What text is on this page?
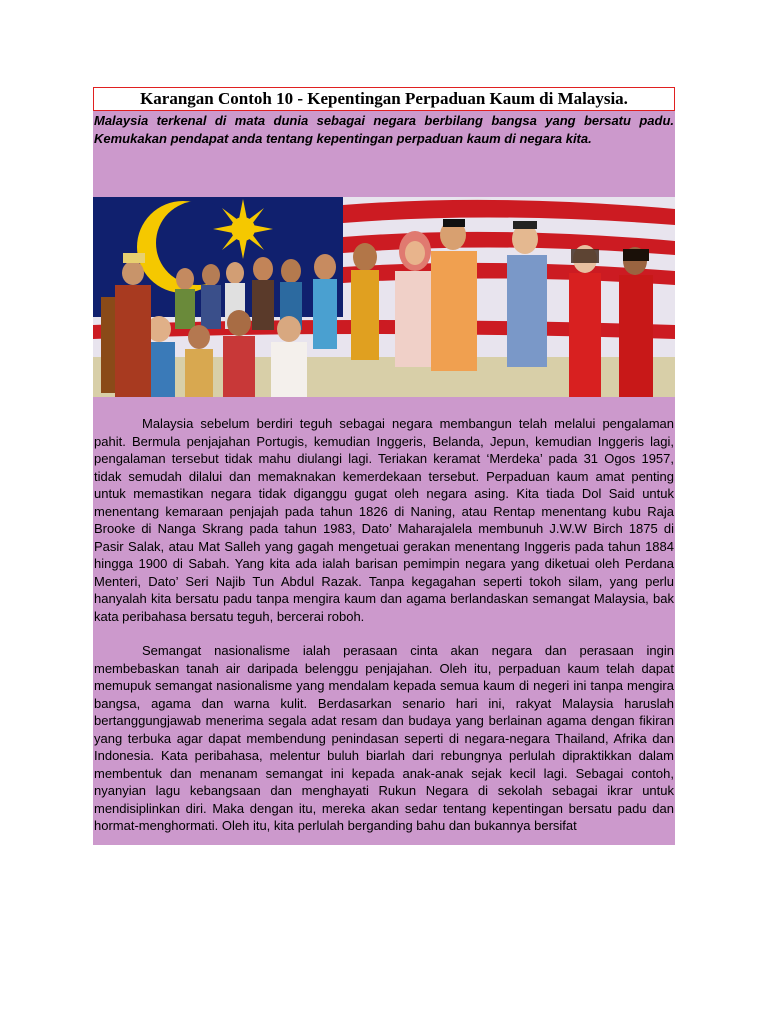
Karangan Contoh 10 - Kepentingan Perpaduan Kaum di Malaysia.
Malaysia terkenal di mata dunia sebagai negara berbilang bangsa yang bersatu padu. Kemukakan pendapat anda tentang kepentingan perpaduan kaum di negara kita.

Malaysia sebelum berdiri teguh sebagai negara membangun telah melalui pengalaman pahit. Bermula penjajahan Portugis, kemudian Inggeris, Belanda, Jepun, kemudian Inggeris lagi, pengalaman tersebut tidak mahu diulangi lagi. Teriakan keramat ‘Merdeka’ pada 31 Ogos 1957, tidak semudah dilalui dan memaknakan kemerdekaan tersebut. Perpaduan kaum amat penting untuk memastikan negara tidak diganggu gugat oleh negara asing. Kita tiada Dol Said untuk menentang kemaraan penjajah pada tahun 1826 di Naning, atau Rentap menentang kubu Raja Brooke di Nanga Skrang pada tahun 1983, Dato’ Maharajalela membunuh J.W.W Birch 1875 di Pasir Salak, atau Mat Salleh yang gagah mengetuai gerakan menentang Inggeris pada tahun 1884 hingga 1900 di Sabah. Yang kita ada ialah barisan pemimpin negara yang diketuai oleh Perdana Menteri, Dato’ Seri Najib Tun Abdul Razak. Tanpa kegagahan seperti tokoh silam, yang perlu hanyalah kita bersatu padu tanpa mengira kaum dan agama berlandaskan semangat Malaysia, bak kata peribahasa bersatu teguh, bercerai roboh.

Semangat nasionalisme ialah perasaan cinta akan negara dan perasaan ingin membebaskan tanah air daripada belenggu penjajahan. Oleh itu, perpaduan kaum telah dapat memupuk semangat nasionalisme yang mendalam kepada semua kaum di negeri ini tanpa mengira bangsa, agama dan warna kulit. Berdasarkan senario hari ini, rakyat Malaysia haruslah bertanggungjawab menerima segala adat resam dan budaya yang berlainan agama dengan fikiran yang terbuka agar dapat membendung penindasan seperti di negara-negara Thailand, Afrika dan Indonesia. Kata peribahasa, melentur buluh biarlah dari rebungnya perlulah dipraktikkan dalam membentuk dan menanam semangat ini kepada anak-anak sejak kecil lagi. Sebagai contoh, nyanyian lagu kebangsaan dan menghayati Rukun Negara di sekolah sebagai ikrar untuk mendisiplinkan diri. Maka dengan itu, mereka akan sedar tentang kepentingan bersatu padu dan hormat-menghormati. Oleh itu, kita perlulah berganding bahu dan bukannya bersifat
